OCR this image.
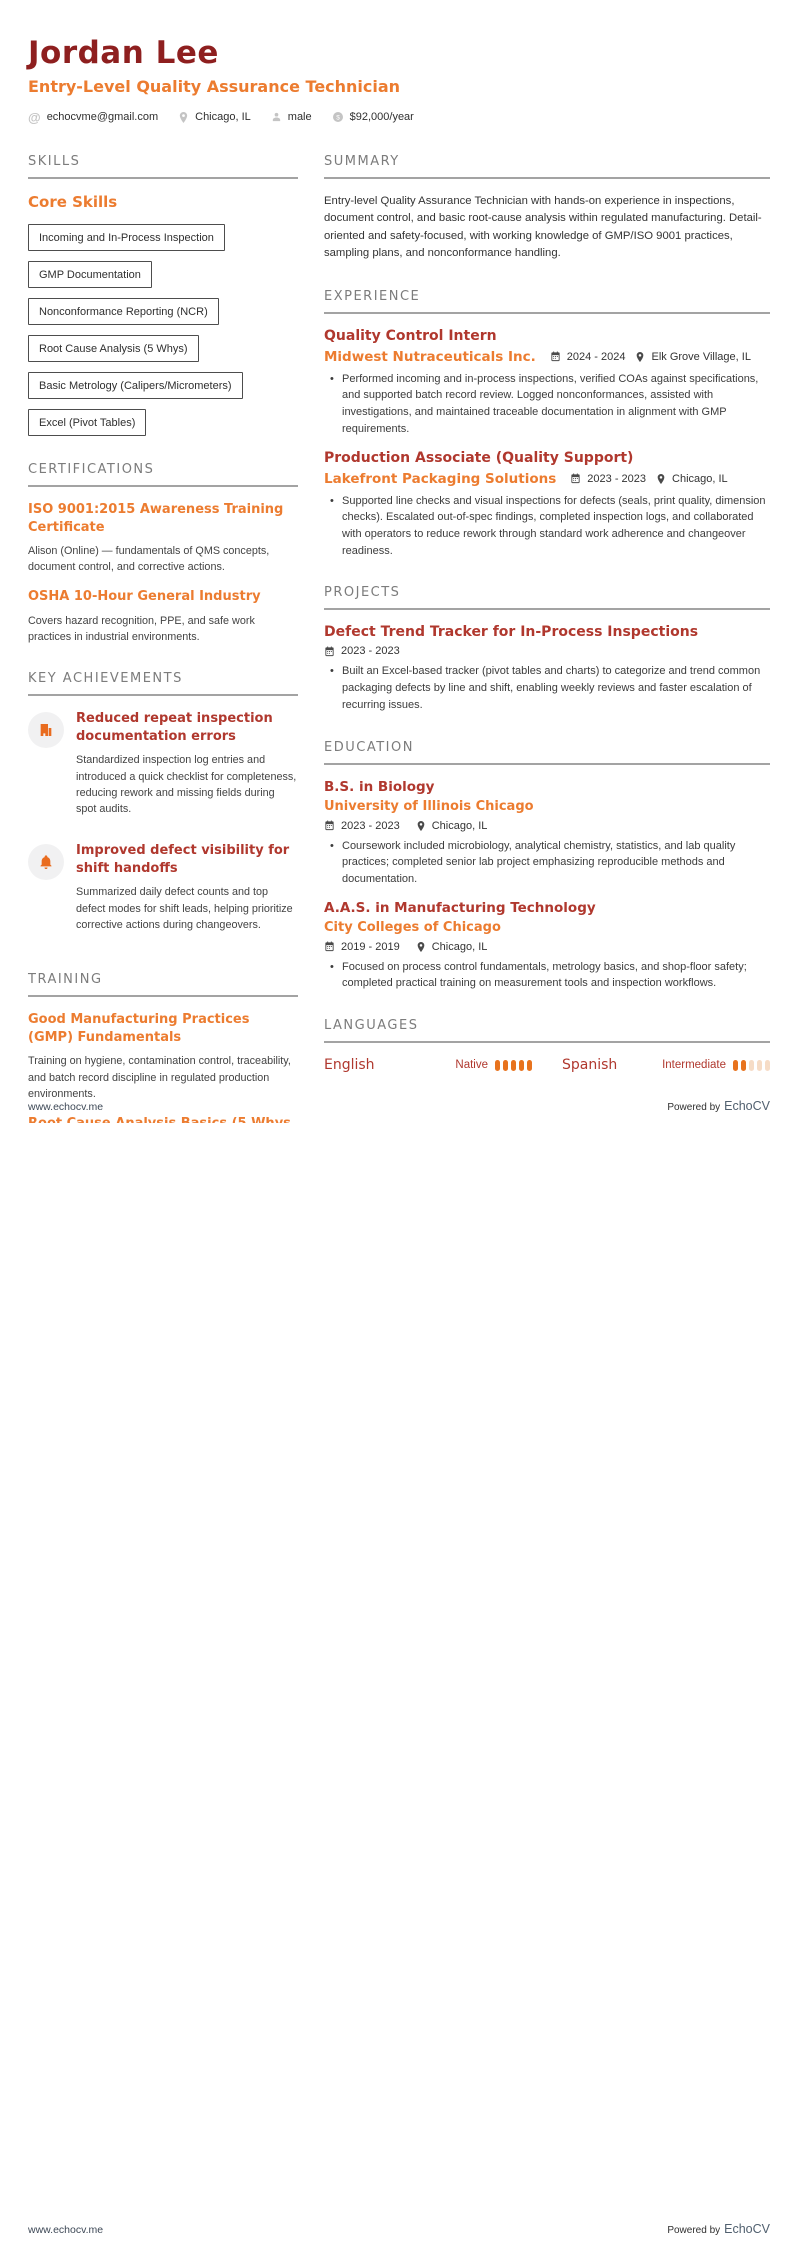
Jordan Lee
Entry-Level Quality Assurance Technician
@ echocvme@gmail.com	Chicago, IL	male $ $92,000/year
SKILLS
Core Skills
Incoming and In-Process Inspection
GMP Documentation
Nonconformance Reporting (NCR)
Root Cause Analysis (5 Whys)
Basic Metrology (Calipers/Micrometers)
Excel (Pivot Tables)
CERTIFICATIONS
ISO 9001:2015 Awareness Training Certificate

Alison (Online) — fundamentals of QMS concepts, document control, and corrective actions.

OSHA 10-Hour General Industry

Covers hazard recognition, PPE, and safe work practices in industrial environments.

KEY ACHIEVEMENTS
Reduced repeat inspection documentation errors

Standardized inspection log entries and introduced a quick checklist for completeness, reducing rework and missing fields during spot audits.

Improved defect visibility for shift handoffs

Summarized daily defect counts and top defect modes for shift leads, helping prioritize corrective actions during changeovers.

TRAINING
Good Manufacturing Practices (GMP) Fundamentals

Training on hygiene, contamination control, traceability, and batch record discipline in regulated production environments.

SUMMARY

Entry-level Quality Assurance Technician with hands-on experience in inspections, document control, and basic root-cause analysis within regulated manufacturing. Detail-oriented and safety-focused, with working knowledge of GMP/ISO 9001 practices, sampling plans, and nonconformance handling.

EXPERIENCE
Quality Control Intern
Midwest Nutraceuticals Inc.	2024 - 2024 Elk Grove Village, IL
• Performed incoming and in-process inspections, verified COAs against specifications, and supported batch record review. Logged nonconformances, assisted with investigations, and maintained traceable documentation in alignment with GMP requirements.
Production Associate (Quality Support)
Lakefront Packaging Solutions	2023 - 2023 Chicago, IL
• Supported line checks and visual inspections for defects (seals, print quality, dimension checks). Escalated out-of-spec findings, completed inspection logs, and collaborated with operators to reduce rework through standard work adherence and changeover readiness.
PROJECTS
Defect Trend Tracker for In-Process Inspections
2023 - 2023
• Built an Excel-based tracker (pivot tables and charts) to categorize and trend common packaging defects by line and shift, enabling weekly reviews and faster escalation of recurring issues.
EDUCATION
B.S. in Biology
University of Illinois Chicago
2023 - 2023	Chicago, IL
• Coursework included microbiology, analytical chemistry, statistics, and lab quality practices; completed senior lab project emphasizing reproducible methods and documentation.
A.A.S. in Manufacturing Technology
City Colleges of Chicago
2019 - 2019	Chicago, IL
• Focused on process control fundamentals, metrology basics, and shop-floor safety; completed practical training on measurement tools and inspection workflows.
LANGUAGES
English	Native	Spanish	Intermediate
www.echocv.me	Powered by EchoCV
www.echocv.me	Powered by EchoCV
